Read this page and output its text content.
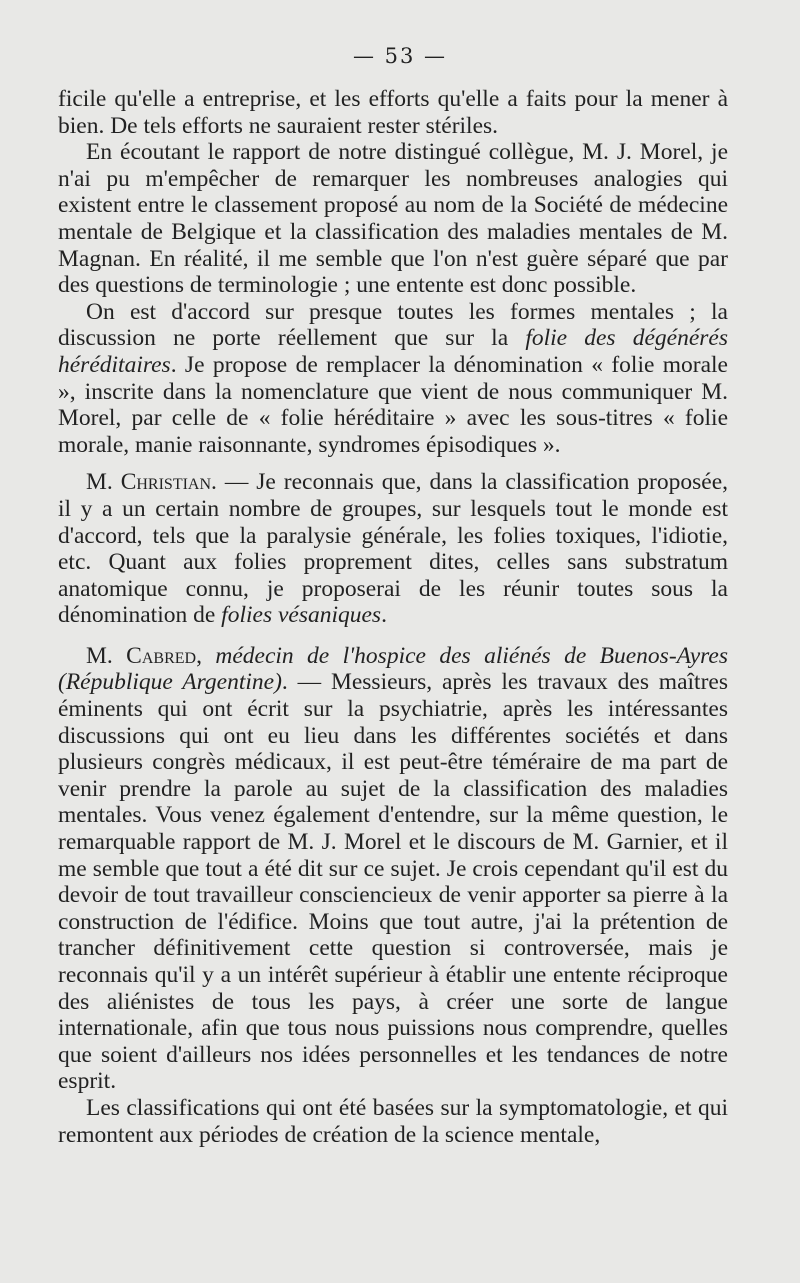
— 53 —

ficile qu'elle a entreprise, et les efforts qu'elle a faits pour la mener à bien. De tels efforts ne sauraient rester stériles.

En écoutant le rapport de notre distingué collègue, M. J. Morel, je n'ai pu m'empêcher de remarquer les nombreuses analogies qui existent entre le classement proposé au nom de la Société de médecine mentale de Belgique et la classification des maladies mentales de M. Magnan. En réalité, il me semble que l'on n'est guère séparé que par des questions de terminologie ; une entente est donc possible.

On est d'accord sur presque toutes les formes mentales ; la discussion ne porte réellement que sur la folie des dégénérés héréditaires. Je propose de remplacer la dénomination « folie morale », inscrite dans la nomenclature que vient de nous communiquer M. Morel, par celle de « folie héréditaire » avec les sous-titres « folie morale, manie raisonnante, syndromes épisodiques ».

M. Christian. — Je reconnais que, dans la classification proposée, il y a un certain nombre de groupes, sur lesquels tout le monde est d'accord, tels que la paralysie générale, les folies toxiques, l'idiotie, etc. Quant aux folies proprement dites, celles sans substratum anatomique connu, je proposerai de les réunir toutes sous la dénomination de folies vésaniques.

M. Cabred, médecin de l'hospice des aliénés de Buenos-Ayres (République Argentine). — Messieurs, après les travaux des maîtres éminents qui ont écrit sur la psychiatrie, après les intéressantes discussions qui ont eu lieu dans les différentes sociétés et dans plusieurs congrès médicaux, il est peut-être téméraire de ma part de venir prendre la parole au sujet de la classification des maladies mentales. Vous venez également d'entendre, sur la même question, le remarquable rapport de M. J. Morel et le discours de M. Garnier, et il me semble que tout a été dit sur ce sujet. Je crois cependant qu'il est du devoir de tout travailleur consciencieux de venir apporter sa pierre à la construction de l'édifice. Moins que tout autre, j'ai la prétention de trancher définitivement cette question si controversée, mais je reconnais qu'il y a un intérêt supérieur à établir une entente réciproque des aliénistes de tous les pays, à créer une sorte de langue internationale, afin que tous nous puissions nous comprendre, quelles que soient d'ailleurs nos idées personnelles et les tendances de notre esprit.

Les classifications qui ont été basées sur la symptomatologie, et qui remontent aux périodes de création de la science mentale,
